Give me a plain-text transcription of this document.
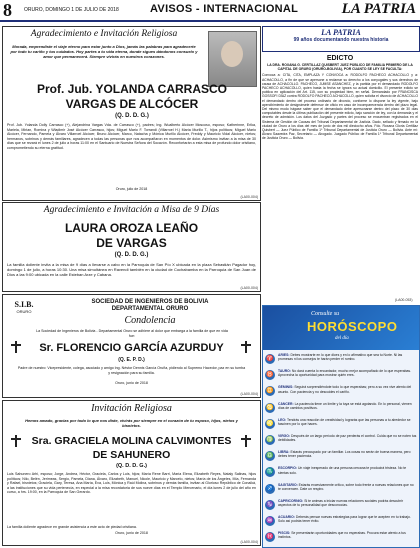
8 ORURO, DOMINGO 1 DE JULIO DE 2018	AVISOS - INTERNACIONAL	LA PATRIA
Agradecimiento e Invitación Religiosa
Morada, emprendiste el viaje eterno para estar junto a Dios, jamás las palabras para agradecerte por todo tu cariño y tus cuidados. Hoy partes a tu vida eterna, donde sigues dándonos consuelo y amor que permanecerá. Siempre vivirás en nuestros corazones.
Prof. Jub. YOLANDA CARRASCO
VARGAS DE ALCÓCER
(Q. D. D. G.)
Prof. Jub. Yolanda Dolly Carrasco (+), Alejandrina Vargas Vda. de Carrasco (+), padres; Ing. Wualberto Alcócer Moscoso, esposo; Katherinne, Erika, Mariela, Mirian, Romina y Wladimir José Alcócer Carrasco, hijos; Miguel Mario F. Torrandi (Villarroel H.) María Murillo T., hijos políticos; Miguel Mario Alcócer, Fernando, Pamela y Álvaro Villarroel Alcócer, Bruno Alcócer, Marco, Natacha y Mónica Murillo Alcócer, Freddy y Mauricio Vidal Alcócer, nietos; hermanos, sobrinos y demás familiares, agradecen a todas las personas que nos acompañaron en momentos de dolor. Asimismo invitan a la misa de 30 días que se rezará el lunes 2 de julio a horas 11:00 en el Santuario de Nuestra Señora del Socavón. Reconfortarán a esta misa de profundo dolor cristiano, comprometiendo su eterna gratitud.
Oruro, julio de 2018
(LA00-004)
Agradecimiento e Invitación a Misa de 9 Días
LAURA OROZA LEAÑO
DE VARGAS
(Q. D. D. G.)
La familia doliente invita a la misa de 9 días a llevarse a cabo en la Parroquia de San Pío X ubicada en la plaza Sebastián Pagador hoy, domingo 1 de julio, a horas 10:30. Una misa simultánea en Ravendi también en la ciudad de Cochabamba en la Parroquia de San Juan de Dios a las 9:00 ubicada en la calle Esteban Arze y Cabana.
(LA00-004)
SOCIEDAD DE INGENIEROS DE BOLIVIA
DEPARTAMENTAL ORURO
S.I.B.
ORURO
Condolencia
La Sociedad de Ingenieros de Bolivia - Departamental Oruro se adhiere al dolor que embarga a la familia de que en vida fue:
Sr. FLORENCIO GARCÍA AZURDUY
(Q. E. P. D.)
Padre de nuestro: Vicepresidente, colega, asociado y amigo Ing. Néstor Dennis García Oruña, pidiendo al Supremo Hacedor, paz en su tumba y resignación para su familia.
Oruro, junio de 2018
(LA00-004)
Invitación Religiosa
Hemos amado, gracias por todo lo que nos diste, vivirás por siempre en el corazón de tu esposo, hijos, nietos y bisnietos.
Sra. GRACIELA MOLINA CALVIMONTES
DE SAHUNERO
(Q. D. D. G.)
Luis Sahunero Arhi, esposo; Jorge, Andrea, Héctor, Graciela, Carlos y Luis, hijos; María Rene Barri, María Elena, Elizabeth Reyes, Nataly Salinas, hijos políticos; Nilo, Belén, Jerimeas, Sergio, Pamela, Diana, Álvaro, Elizabeth, Manuel, Nicole, Mauricio y Marcelo, nietos; María de los Ángeles, Mía, Fernanda y Rafael, bisnietos; Graciela, Gary, Teresa, Ana María, Eva, Luis, Mónica y Raúl Molina, sobrinos y demás familia, invitan al Glorioso Repúblico de Conaiká, a las instituciones que su vida pertenecía, en especial a la misa recordatoria de sus nueve días en el Templo Mercenario, el día lunes 2 de julio del año en curso, a hrs. 19:00, en la Parroquia de San Gerardo.
La familia doliente agradece en grande asistencia a este acto de piedad cristiana.
Oruro, junio de 2018
(LA00-004)
LA PATRIA
99 años documentando nuestra historia
EDICTO
LA DRA. ROXANA G. CERTILLAZ QUISBERT JUEZ PÚBLICO DE FAMILIA PRIMERO DE LA CAPITAL DE ORURO (ORURO-BOLIVIA), POR CUANTO SE LEY SE FACULTA:
Convoca a: CITA, CITA, EMPLAZA Y CONVOCA a: RODOLFO PACHECO ACHACOLLO y a: ACHACOLLO, a fin de que se apersone a reclamar su derecho a los conyugales y sus derechos de causa de ACHACOLLO. PACHECO, JUMSE ASANCHEZ, y la partida por el demandado RODOLFO PACHECO ACHACOLLO, quien hasta la fecha se ignora su actual domicilio. El presente edicto se publica en aplicación del Art. 115, con su propiedad bien, en señal. Demandado por FRANCISCA GOSSOFI DÍAZ contra RODOLFO PACHECO ACHACOLLO, quien solicita el divorcio de ACHACOLLO el demandado dentro del proceso ordinario de divorcio, conforme lo dispone la ley vigente, bajo apercibimiento de designársele defensor de oficio en caso de incomparecencia dentro del plazo legal. Del mismo modo hágase saber que el demandado debe apersonarse dentro del plazo de 30 días computables desde la última publicación del presente edicto, bajo sanción de ley, con la demanda y el decreto de admisión. Los datos del Juzgado y partes del proceso se encuentran registrados en el Sistema de Gestión de Causas del Tribunal Departamental de Justicia. Dado, sellado y firmado en la ciudad de Oruro a los días del mes de junio de dos mil dieciocho años. Fdo. Roxana Gloria Certillaz Quisbert — Juez Público de Familia 1º Tribunal Departamental de Justicia Oruro — Bolivia. Ante mí: Álvaro Saavedra Paz, Secretario — Abogado. Juzgado Público de Familia 1º Tribunal Departamental de Justicia Oruro — Bolivia.
(LA00-053)
Consulte su
HORÓSCOPO
del día
♈
ARIES: Debes mostrarte en lo que dices y en lo afirmativo que sea tu Norte. Ni las promesas ni los consejos te harán perder el rumbo.
♉
TAURO: No dará cuenta lo encantador, mucho mejor acompañado de lo que esperabas. Aprovecha la oportunidad para mostrar quién eres.
♊
GÉMINIS: Seguirá sorprendiéndote todo lo que esperabas; pero a su vez vive atento del asunto. Con paciencia y no descuides el cariño.
♋
CÁNCER: La paciencia tiene un límite y la tuya se está agotando. En lo personal, vienen días de cambios positivos.
♌
LEO: Tendrás una reacción de creatividad y lograrás que las personas a tu alrededor se fascinen por lo que haces.
♍
VIRGO: Después de un largo período de paz perderás el control. Cuida que no se noten tus debilidades.
♎
LIBRA: Estarás preocupado por un familiar. Los cosas no serán de buena manera, pero debes tener paciencia.
♏
ESCORPIO: Un viaje inesperado de una persona cercana te producirá tristeza. No te sientas solo.
♐
SAGITARIO: Estarás excesivamente crítico, sobre todo frente a nuevas relaciones que no te convencen. Date un respiro.
♑
CAPRICORNIO: Si te animas a iniciar nuevas relaciones sociales podrás descubrir aspectos de tu personalidad que desconocías.
♒
ACUARIO: Deberás pensar nuevas estrategias para lograr que te acepten en tu trabajo. Solo así podrás tener éxito.
♓
PISCIS: Se presentarán oportunidades que no esperabas. Procura estar atento a tus instintos.
